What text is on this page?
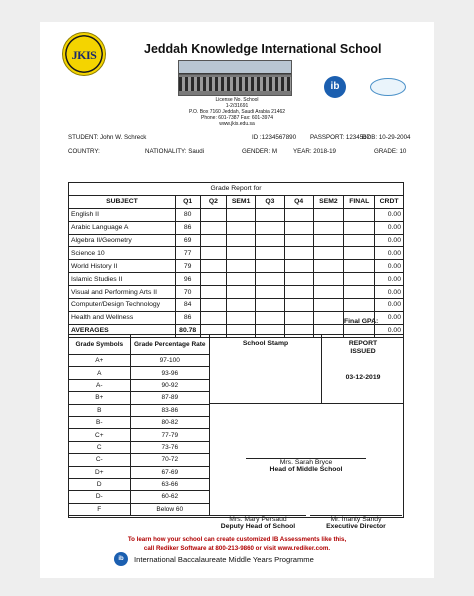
JKIS	Jeddah Knowledge International School
ib
License No. School
1-2/31691
P.O. Box 7160 Jeddah, Saudi Arabia 21462
Phone: 601-7387 Fax: 601-3974
www.jkis.edu.sa
STUDENT: John W. Schreck	ID :1234567890 PASSPORT: 1234567
DOB: 10-29-2004
COUNTRY:	NATIONALITY: Saudi	GENDER: M	YEAR: 2018-19	GRADE: 10
Grade Report for								
SUBJECT	Q1	Q2	SEM1	Q3	Q4	SEM2	FINAL	CRDT
English II	80							0.00
Arabic Language A	86							0.00
Algebra II/Geometry	69							0.00
Science 10	77							0.00
World History II	79							0.00
Islamic Studies II	96							0.00
Visual and Performing Arts II	70							0.00
Computer/Design Technology	84							0.00
Health and Wellness	86							0.00
AVERAGES	80.78							0.00
Final GPA:
Grade Symbols	Grade Percentage Rate
A+	97-100
A	93-96
A-	90-92
B+	87-89
B	83-86
B-	80-82
C+	77-79
C	73-76
C-	70-72
D+	67-69
D	63-66
D-	60-62
F	Below 60
School Stamp	REPORT
ISSUED
03-12-2019
Mrs. Sarah Bryce
Head of Middle School
Mrs. Mary Persaud
Deputy Head of School
Mr. Inanty Sandy
Executive Director
To learn how your school can create customized IB Assessments like this,
call Rediker Software at 800-213-9860 or visit www.rediker.com.
ib	International Baccalaureate Middle Years Programme
